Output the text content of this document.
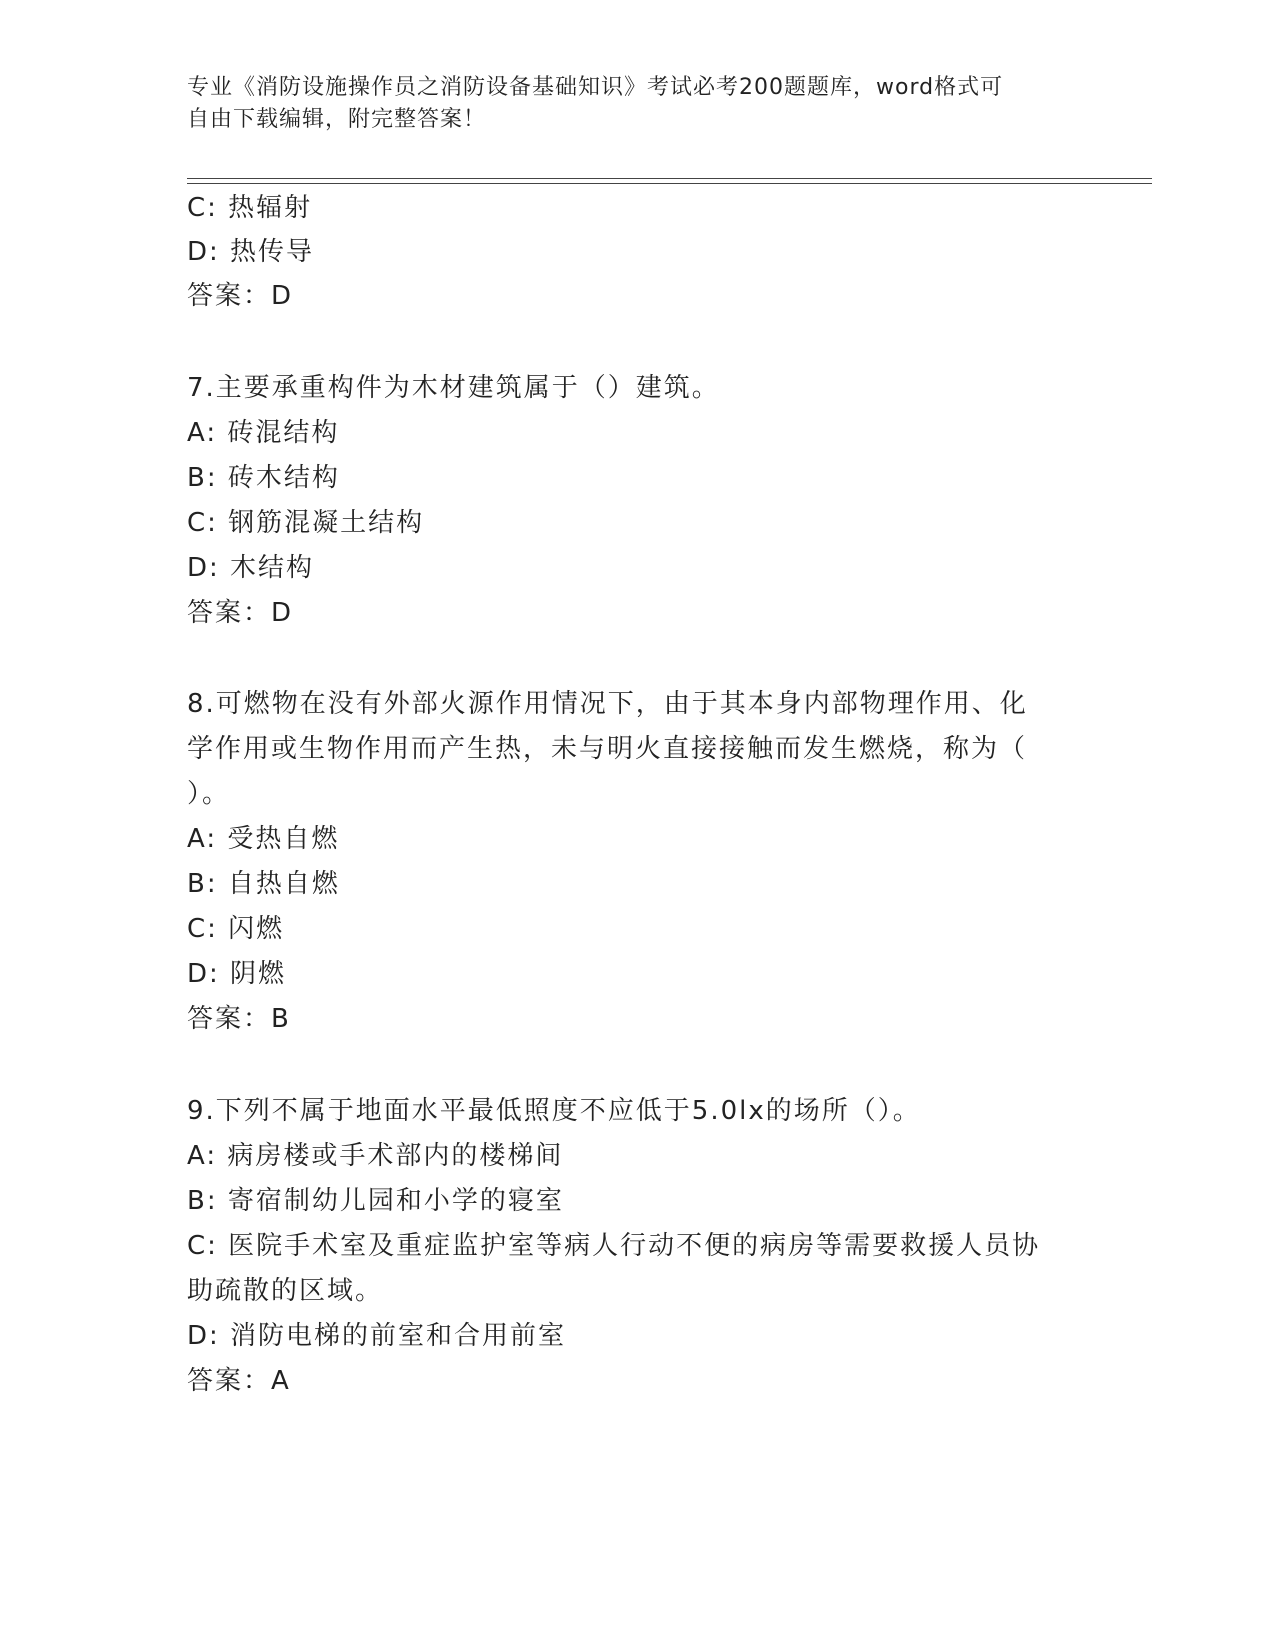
专业《消防设施操作员之消防设备基础知识》考试必考200题题库，word格式可
自由下载编辑，附完整答案！
C: 热辐射
D: 热传导
答案：D
7.主要承重构件为木材建筑属于（）建筑。
A: 砖混结构
B: 砖木结构
C: 钢筋混凝土结构
D: 木结构
答案：D
8.可燃物在没有外部火源作用情况下，由于其本身内部物理作用、化
学作用或生物作用而产生热，未与明火直接接触而发生燃烧，称为（
）。
A: 受热自燃
B: 自热自燃
C: 闪燃
D: 阴燃
答案：B
9.下列不属于地面水平最低照度不应低于5.0lx的场所（）。
A: 病房楼或手术部内的楼梯间
B: 寄宿制幼儿园和小学的寝室
C: 医院手术室及重症监护室等病人行动不便的病房等需要救援人员协
助疏散的区域。
D: 消防电梯的前室和合用前室
答案：A
